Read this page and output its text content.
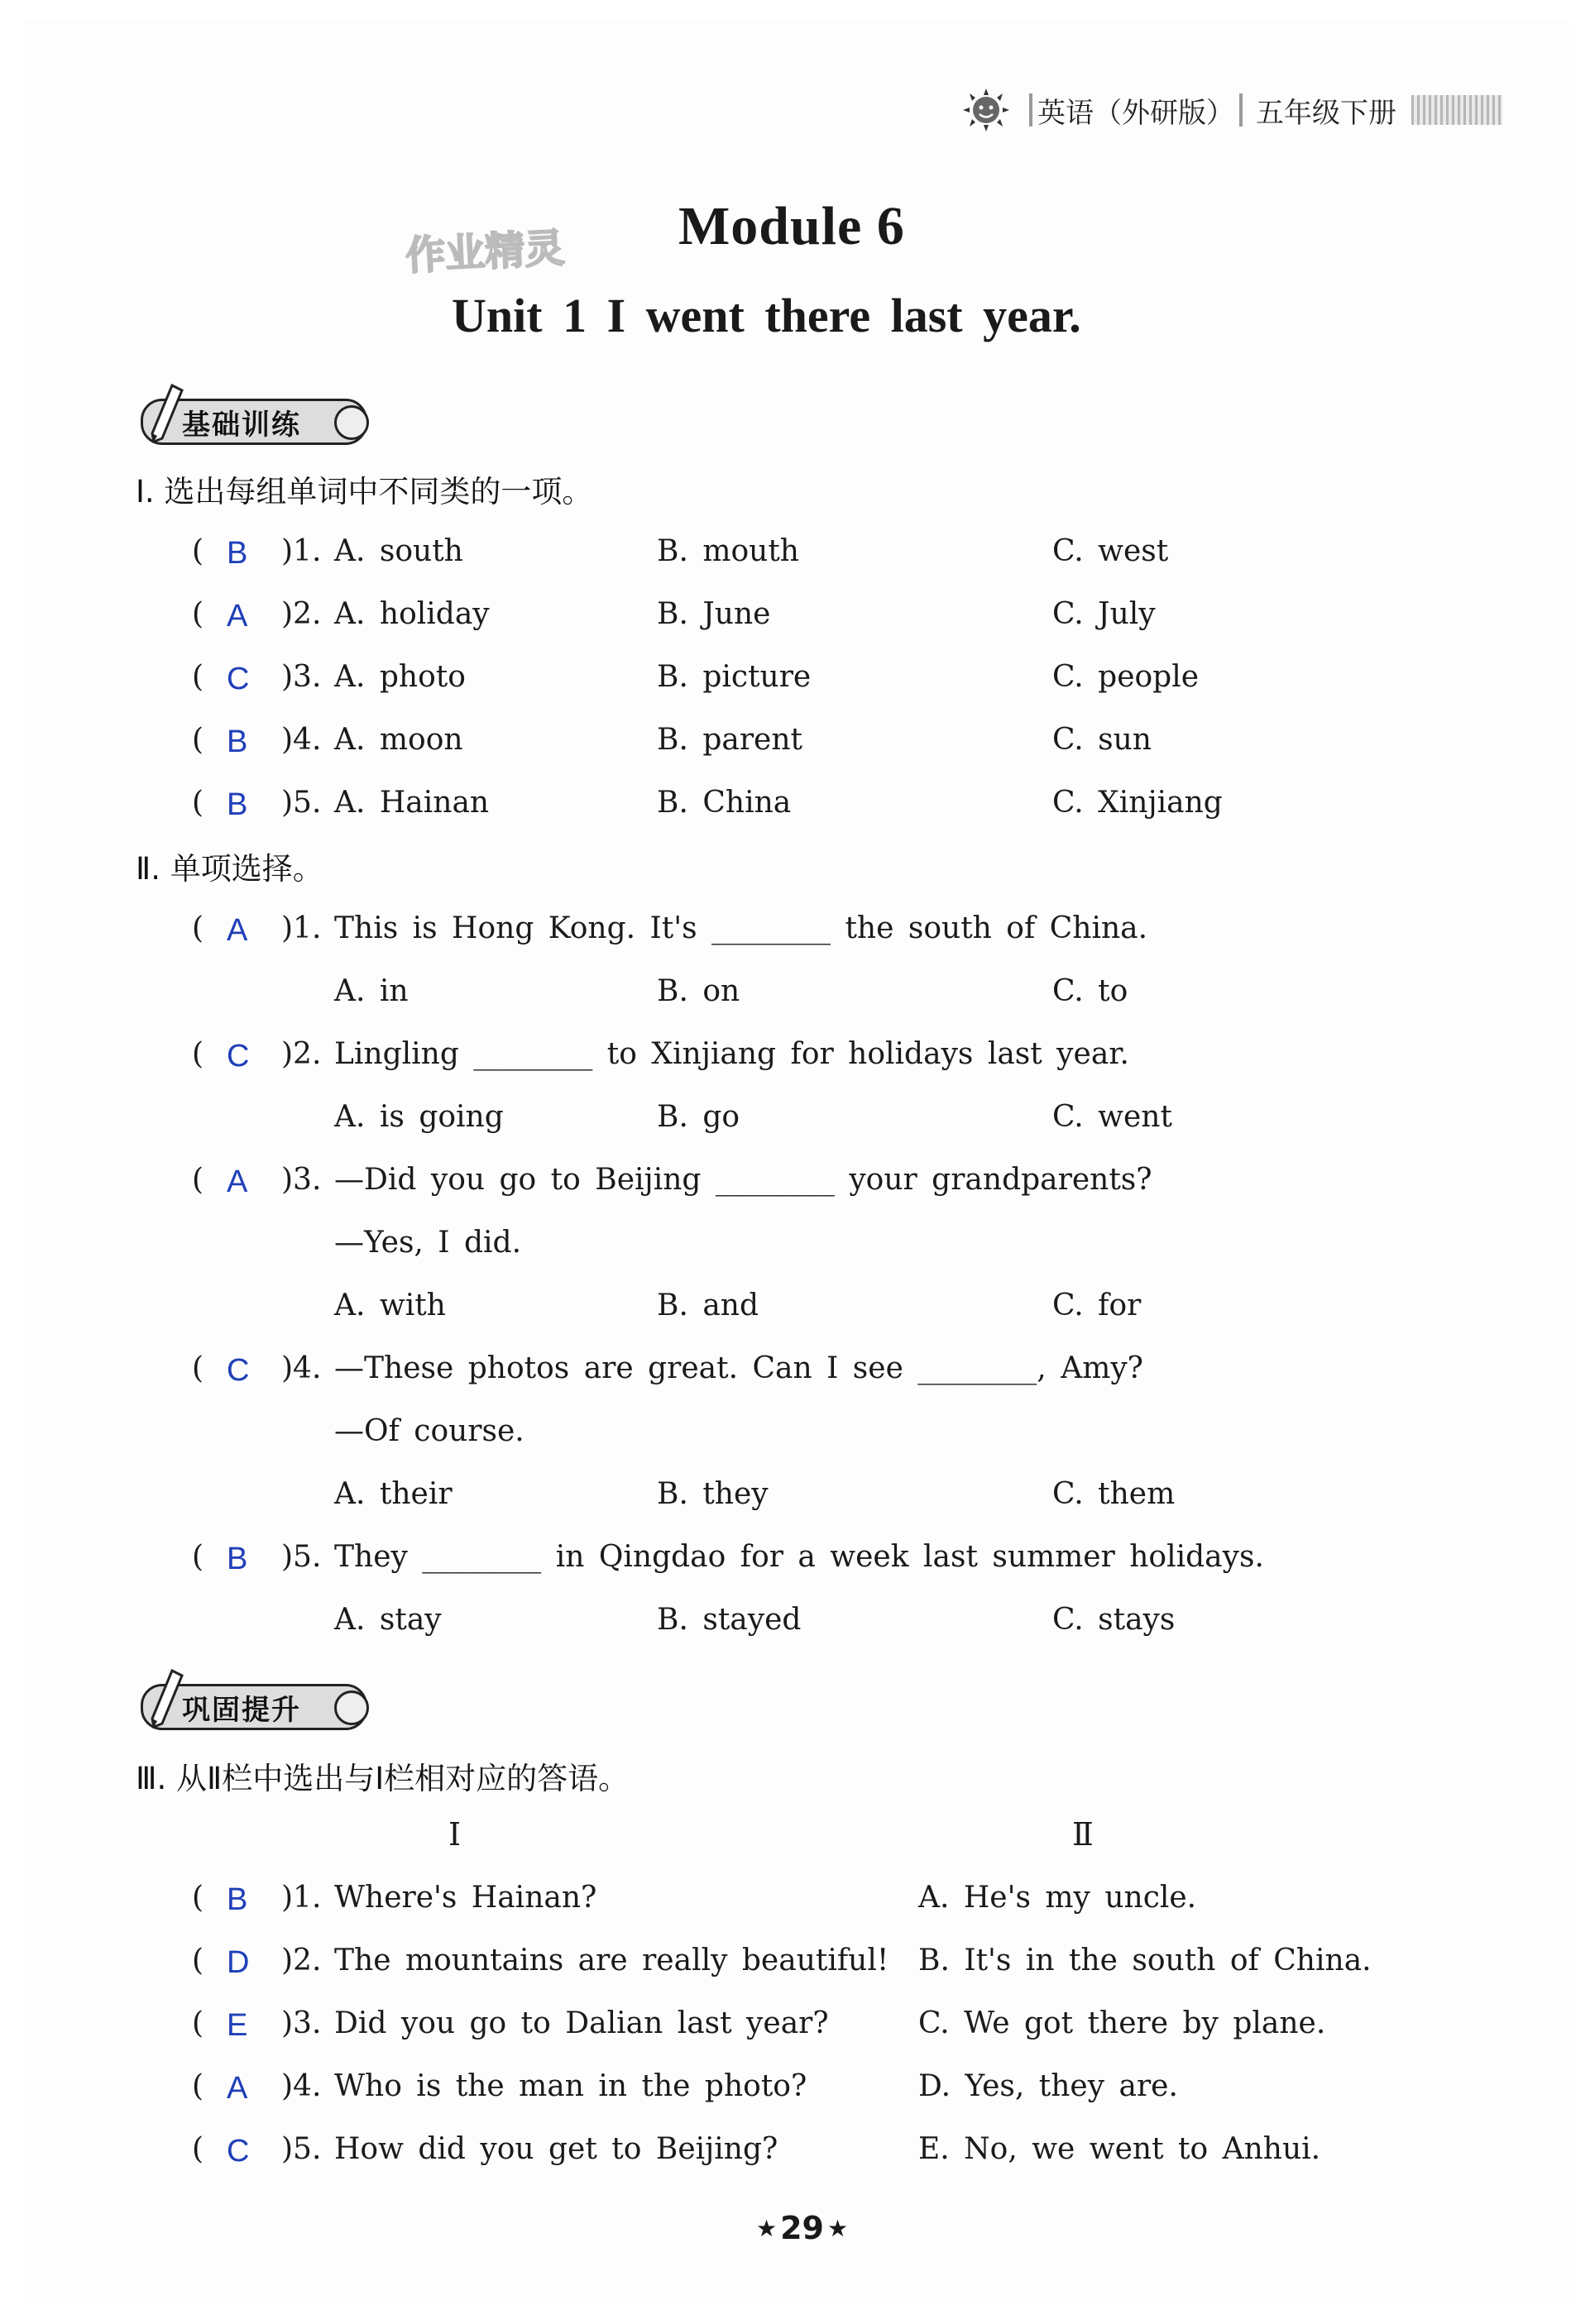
英语（外研版） 五年级下册
作业精灵 Module 6
Unit 1 I went there last year.
基础训练
Ⅰ. 选出每组单词中不同类的一项。
( B )1. A. south	B. mouth	C. west
( A )2. A. holiday	B. June	C. July
( C )3. A. photo	B. picture	C. people
( B )4. A. moon	B. parent	C. sun
( B )5. A. Hainan	B. China	C. Xinjiang
Ⅱ. 单项选择。
( A )1. This is Hong Kong. It's ________ the south of China.
A. in	B. on	C. to
( C )2. Lingling ________ to Xinjiang for holidays last year.
A. is going	B. go	C. went
( A )3. —Did you go to Beijing ________ your grandparents?
—Yes, I did.
A. with	B. and	C. for
( C )4. —These photos are great. Can I see ________, Amy?
—Of course.
A. their	B. they	C. them
( B )5. They ________ in Qingdao for a week last summer holidays.
A. stay	B. stayed	C. stays
巩固提升
Ⅲ. 从Ⅱ栏中选出与Ⅰ栏相对应的答语。
Ⅰ	Ⅱ
( B )1. Where's Hainan?	A. He's my uncle.
( D )2. The mountains are really beautiful! B. It's in the south of China.
( E )3. Did you go to Dalian last year?	C. We got there by plane.
( A )4. Who is the man in the photo?	D. Yes, they are.
( C )5. How did you get to Beijing?	E. No, we went to Anhui.
★ 29 ★
